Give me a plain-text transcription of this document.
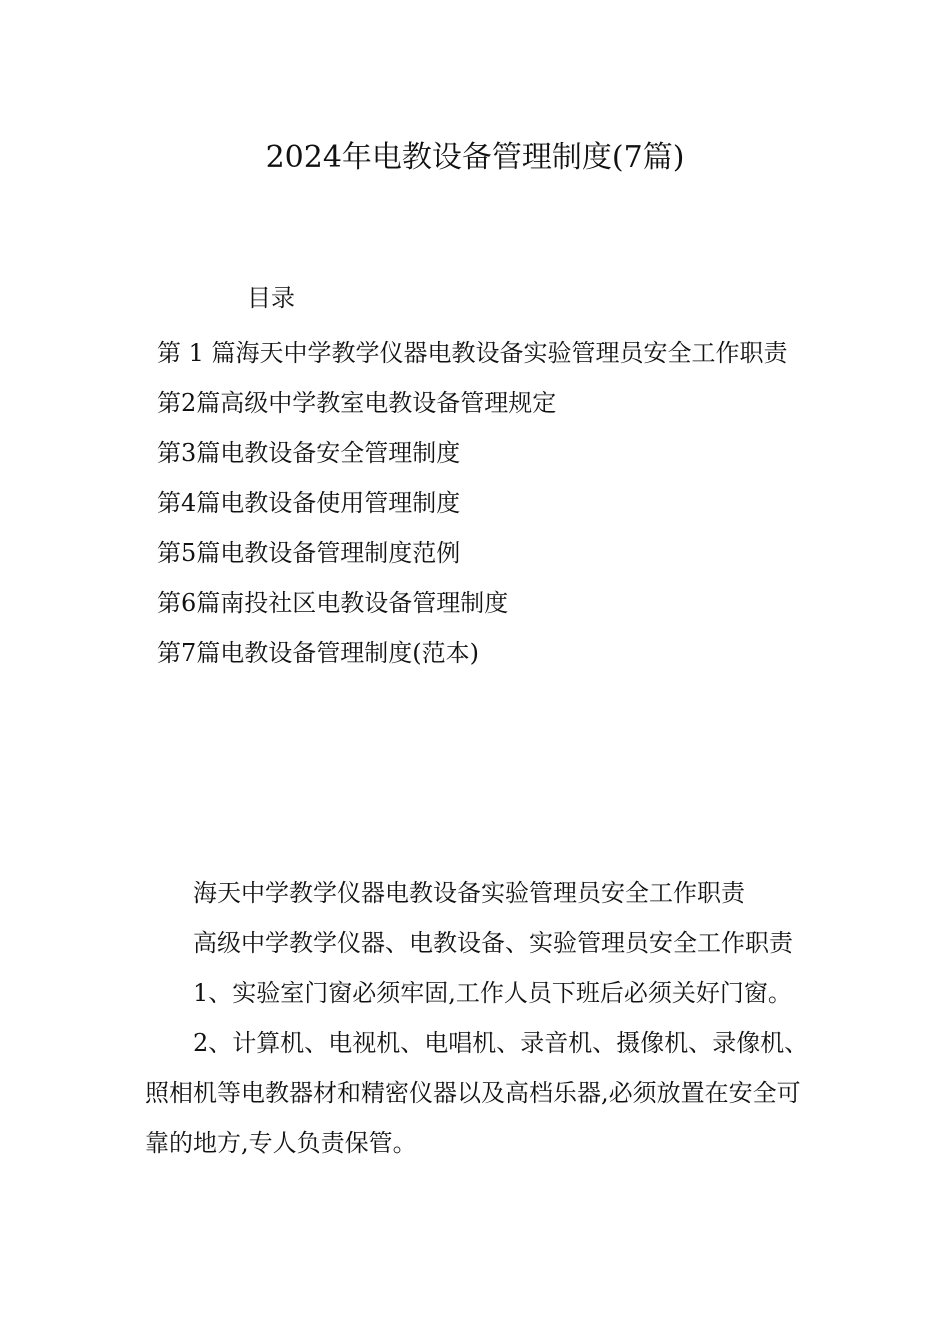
2024年电教设备管理制度(7篇)
目录
第 1 篇海天中学教学仪器电教设备实验管理员安全工作职责
第2篇高级中学教室电教设备管理规定
第3篇电教设备安全管理制度
第4篇电教设备使用管理制度
第5篇电教设备管理制度范例
第6篇南投社区电教设备管理制度
第7篇电教设备管理制度(范本)

海天中学教学仪器电教设备实验管理员安全工作职责

高级中学教学仪器、电教设备、实验管理员安全工作职责

1、实验室门窗必须牢固,工作人员下班后必须关好门窗。

2、计算机、电视机、电唱机、录音机、摄像机、录像机、照相机等电教器材和精密仪器以及高档乐器,必须放置在安全可靠的地方,专人负责保管。
